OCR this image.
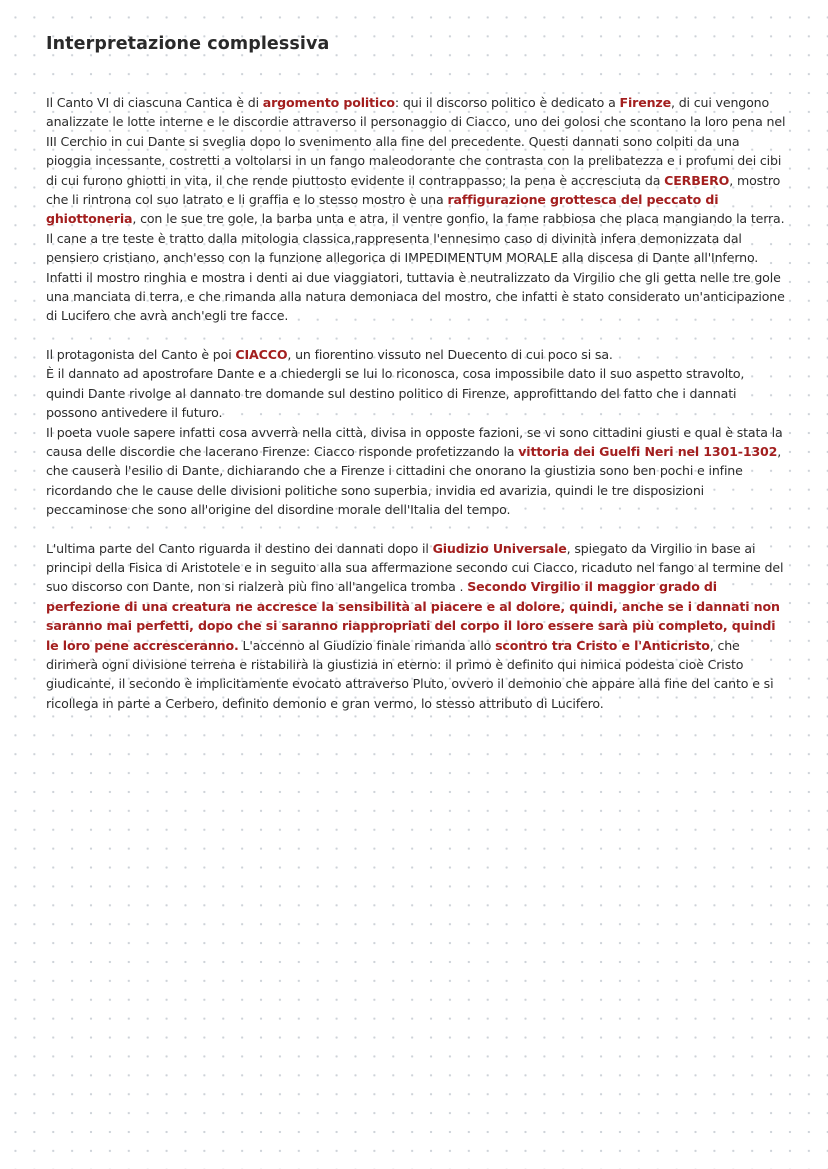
Interpretazione complessiva

Il Canto VI di ciascuna Cantica è di argomento politico: qui il discorso politico è dedicato a Firenze, di cui vengono analizzate le lotte interne e le discordie attraverso il personaggio di Ciacco, uno dei golosi che scontano la loro pena nel III Cerchio in cui Dante si sveglia dopo lo svenimento alla fine del precedente. Questi dannati sono colpiti da una pioggia incessante, costretti a voltolarsi in un fango maleodorante che contrasta con la prelibatezza e i profumi dei cibi di cui furono ghiotti in vita, il che rende piuttosto evidente il contrappasso; la pena è accresciuta da CERBERO, mostro che li rintrona col suo latrato e li graffia e lo stesso mostro è una raffigurazione grottesca del peccato di ghiottoneria, con le sue tre gole, la barba unta e atra, il ventre gonfio, la fame rabbiosa che placa mangiando la terra. Il cane a tre teste è tratto dalla mitologia classica,rappresenta l'ennesimo caso di divinità infera demonizzata dal pensiero cristiano, anch'esso con la funzione allegorica di IMPEDIMENTUM MORALE alla discesa di Dante all'Inferno. Infatti il mostro ringhia e mostra i denti ai due viaggiatori, tuttavia è neutralizzato da Virgilio che gli getta nelle tre gole una manciata di terra, e che rimanda alla natura demoniaca del mostro, che infatti è stato considerato un'anticipazione di Lucifero che avrà anch'egli tre facce.

Il protagonista del Canto è poi CIACCO, un fiorentino vissuto nel Duecento di cui poco si sa.
È il dannato ad apostrofare Dante e a chiedergli se lui lo riconosca, cosa impossibile dato il suo aspetto stravolto, quindi Dante rivolge al dannato tre domande sul destino politico di Firenze, approfittando del fatto che i dannati possono antivedere il futuro.
Il poeta vuole sapere infatti cosa avverrà nella città, divisa in opposte fazioni, se vi sono cittadini giusti e qual è stata la causa delle discordie che lacerano Firenze: Ciacco risponde profetizzando la vittoria dei Guelfi Neri nel 1301-1302, che causerà l'esilio di Dante, dichiarando che a Firenze i cittadini che onorano la giustizia sono ben pochi e infine ricordando che le cause delle divisioni politiche sono superbia, invidia ed avarizia, quindi le tre disposizioni peccaminose che sono all'origine del disordine morale dell'Italia del tempo.

L'ultima parte del Canto riguarda il destino dei dannati dopo il Giudizio Universale, spiegato da Virgilio in base ai principi della Fisica di Aristotele e in seguito alla sua affermazione secondo cui Ciacco, ricaduto nel fango al termine del suo discorso con Dante, non si rialzerà più fino all'angelica tromba . Secondo Virgilio il maggior grado di perfezione di una creatura ne accresce la sensibilità al piacere e al dolore, quindi, anche se i dannati non saranno mai perfetti, dopo che si saranno riappropriati del corpo il loro essere sarà più completo, quindi le loro pene accresceranno. L'accenno al Giudizio finale rimanda allo scontro tra Cristo e l'Anticristo, che dirimerà ogni divisione terrena e ristabilirà la giustizia in eterno: il primo è definito qui nimica podesta cioè Cristo giudicante, il secondo è implicitamente evocato attraverso Pluto, ovvero il demonio che appare alla fine del canto e si ricollega in parte a Cerbero, definito demonio e gran vermo, lo stesso attributo di Lucifero.
